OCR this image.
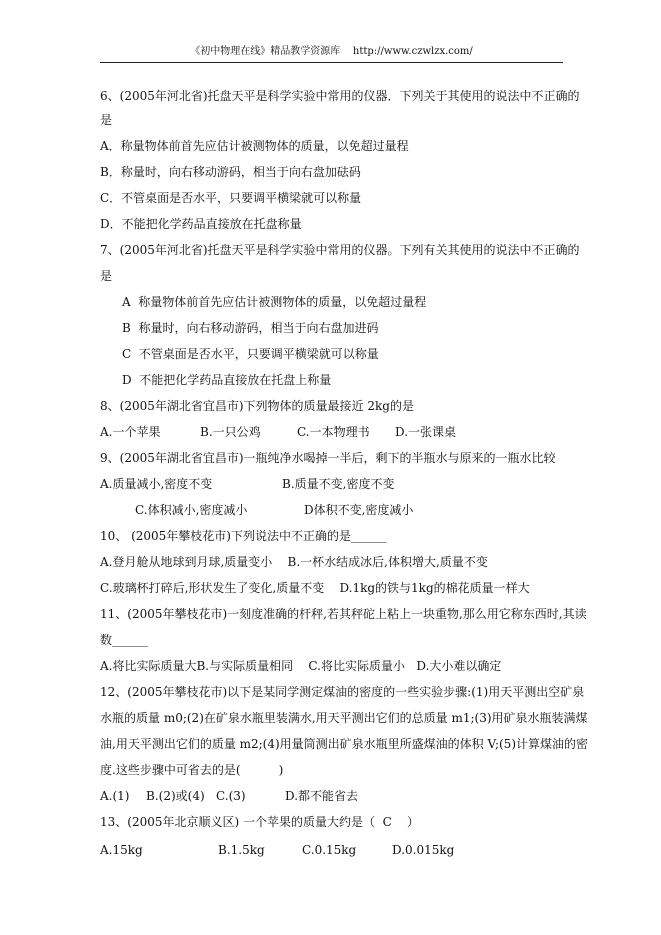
《初中物理在线》精品教学资源库    http://www.czwlzx.com/
6、(2005年河北省)托盘天平是科学实验中常用的仪器．下列关于其使用的说法中不正确的
是
A．称量物体前首先应估计被测物体的质量，以免超过量程
B．称量时，向右移动游码，相当于向右盘加砝码
C．不管桌面是否水平，只要调平横梁就可以称量
D．不能把化学药品直接放在托盘称量
7、(2005年河北省)托盘天平是科学实验中常用的仪器。下列有关其使用的说法中不正确的
是
A  称量物体前首先应估计被测物体的质量，以免超过量程
B  称量时，向右移动游码，相当于向右盘加进码
C  不管桌面是否水平，只要调平横梁就可以称量
D  不能把化学药品直接放在托盘上称量
8、(2005年湖北省宜昌市)下列物体的质量最接近 2kg的是
A.一个苹果	B.一只公鸡	C.一本物理书 D.一张课桌
9、(2005年湖北省宜昌市)一瓶纯净水喝掉一半后，剩下的半瓶水与原来的一瓶水比较
A.质量减小,密度不变	B.质量不变,密度不变
C.体积减小,密度减小	D体积不变,密度减小
10、 (2005年攀枝花市)下列说法中不正确的是______
A.登月舱从地球到月球,质量变小    B.一杯水结成冰后,体积增大,质量不变
C.玻璃杯打碎后,形状发生了变化,质量不变    D.1kg的铁与1kg的棉花质量一样大
11、(2005年攀枝花市)一刻度准确的杆秤,若其秤砣上粘上一块重物,那么用它称东西时,其读
数______
A.将比实际质量大B.与实际质量相同    C.将比实际质量小   D.大小难以确定
12、(2005年攀枝花市)以下是某同学测定煤油的密度的一些实验步骤:(1)用天平测出空矿泉
水瓶的质量 m0;(2)在矿泉水瓶里装满水,用天平测出它们的总质量 m1;(3)用矿泉水瓶装满煤
油,用天平测出它们的质量 m2;(4)用量筒测出矿泉水瓶里所盛煤油的体积 V;(5)计算煤油的密
度.这些步骤中可省去的是(          )
A.(1) B.(2)或(4) C.(3)	D.都不能省去
13、(2005年北京顺义区) 一个苹果的质量大约是（  C    ）
A.15kg	B.1.5kg	C.0.15kg	D.0.015kg
